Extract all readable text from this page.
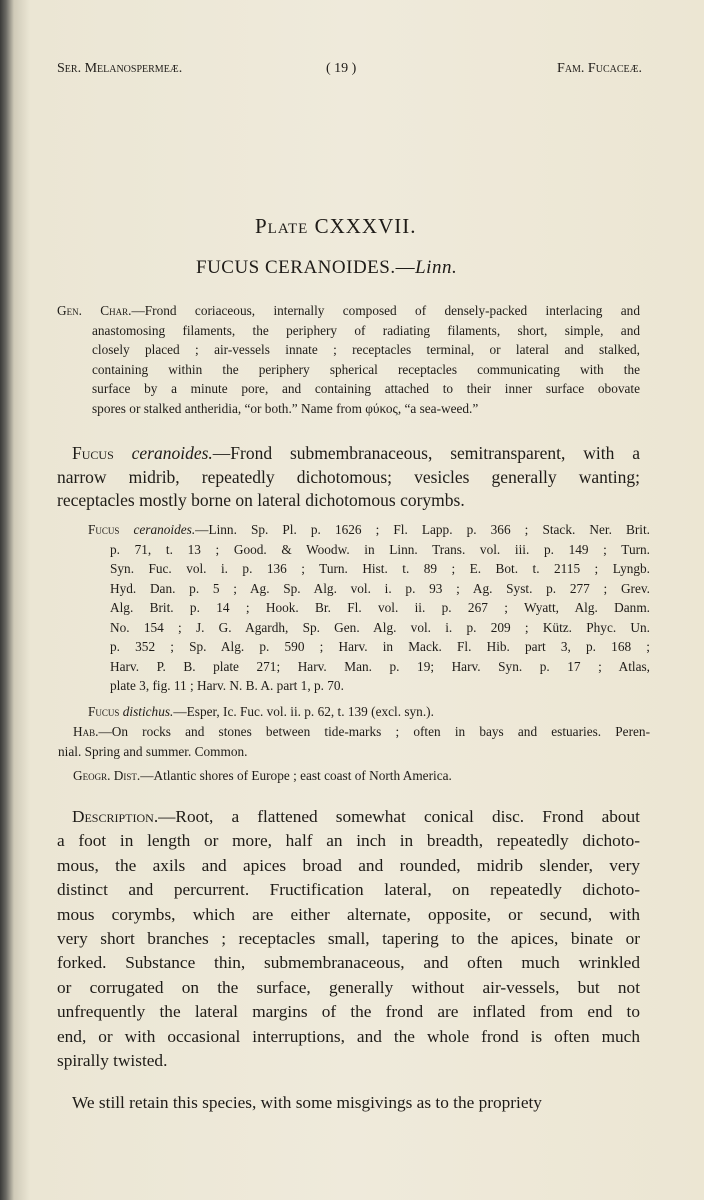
Ser. Melanospermeæ.	( 19 )	Fam. Fucaceæ.
Plate CXXXVII.
FUCUS CERANOIDES.—Linn.
Gen. Char.—Frond coriaceous, internally composed of densely-packed interlacing and
anastomosing filaments, the periphery of radiating filaments, short, simple, and
closely placed ; air-vessels innate ; receptacles terminal, or lateral and stalked,
containing within the periphery spherical receptacles communicating with the
surface by a minute pore, and containing attached to their inner surface obovate
spores or stalked antheridia, “or both.” Name from φύκος, “a sea-weed.”
Fucus ceranoides.—Frond submembranaceous, semitransparent, with a
narrow midrib, repeatedly dichotomous; vesicles generally wanting;
receptacles mostly borne on lateral dichotomous corymbs.
Fucus ceranoides.—Linn. Sp. Pl. p. 1626 ; Fl. Lapp. p. 366 ; Stack. Ner. Brit.
p. 71, t. 13 ; Good. & Woodw. in Linn. Trans. vol. iii. p. 149 ; Turn.
Syn. Fuc. vol. i. p. 136 ; Turn. Hist. t. 89 ; E. Bot. t. 2115 ; Lyngb.
Hyd. Dan. p. 5 ; Ag. Sp. Alg. vol. i. p. 93 ; Ag. Syst. p. 277 ; Grev.
Alg. Brit. p. 14 ; Hook. Br. Fl. vol. ii. p. 267 ; Wyatt, Alg. Danm.
No. 154 ; J. G. Agardh, Sp. Gen. Alg. vol. i. p. 209 ; Kütz. Phyc. Un.
p. 352 ; Sp. Alg. p. 590 ; Harv. in Mack. Fl. Hib. part 3, p. 168 ;
Harv. P. B. plate 271; Harv. Man. p. 19; Harv. Syn. p. 17 ; Atlas,
plate 3, fig. 11 ; Harv. N. B. A. part 1, p. 70.
Hab.—On rocks and stones between tide-marks ; often in bays and estuaries. Peren-
nial. Spring and summer. Common.
Description.—Root, a flattened somewhat conical disc. Frond about
a foot in length or more, half an inch in breadth, repeatedly dichoto-
mous, the axils and apices broad and rounded, midrib slender, very
distinct and percurrent. Fructification lateral, on repeatedly dichoto-
mous corymbs, which are either alternate, opposite, or secund, with
very short branches ; receptacles small, tapering to the apices, binate or
forked. Substance thin, submembranaceous, and often much wrinkled
or corrugated on the surface, generally without air-vessels, but not
unfrequently the lateral margins of the frond are inflated from end to
end, or with occasional interruptions, and the whole frond is often much
spirally twisted.
We still retain this species, with some misgivings as to the propriety
Fucus distichus.—Esper, Ic. Fuc. vol. ii. p. 62, t. 139 (excl. syn.).
Geogr. Dist.—Atlantic shores of Europe ; east coast of North America.
